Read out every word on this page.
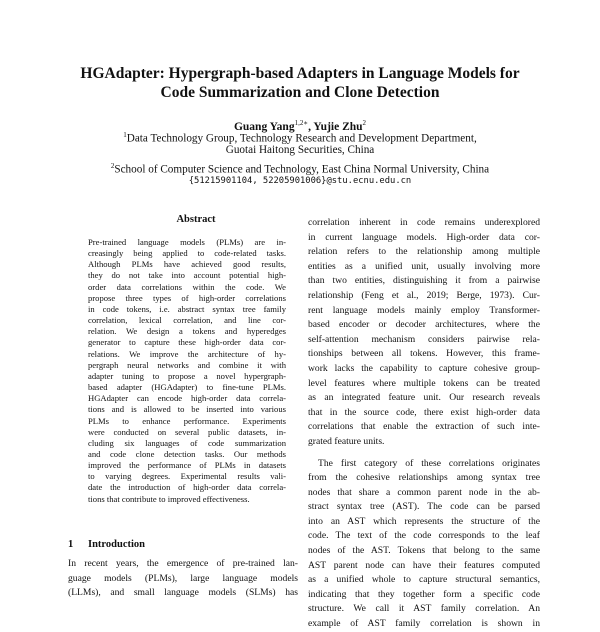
HGAdapter: Hypergraph-based Adapters in Language Models for
Code Summarization and Clone Detection
Guang Yang$^{1,2∗}$, Yujie Zhu$^2$
$^1$Data Technology Group, Technology Research and Development Department,
Guotai Haitong Securities, China
$^2$School of Computer Science and Technology, East China Normal University, China
{51215901104, 52205901006}@stu.ecnu.edu.cn
Abstract
Pre-trained language models (PLMs) are in-
creasingly being applied to code-related tasks.
Although PLMs have achieved good results,
they do not take into account potential high-
order data correlations within the code. We
propose three types of high-order correlations
in code tokens, i.e. abstract syntax tree family
correlation, lexical correlation, and line cor-
relation. We design a tokens and hyperedges
generator to capture these high-order data cor-
relations. We improve the architecture of hy-
pergraph neural networks and combine it with
adapter tuning to propose a novel hypergraph-
based adapter (HGAdapter) to fine-tune PLMs.
HGAdapter can encode high-order data correla-
tions and is allowed to be inserted into various
PLMs to enhance performance. Experiments
were conducted on several public datasets, in-
cluding six languages of code summarization
and code clone detection tasks. Our methods
improved the performance of PLMs in datasets
to varying degrees. Experimental results vali-
date the introduction of high-order data correla-
tions that contribute to improved effectiveness.
1 Introduction
In recent years, the emergence of pre-trained lan-
guage models (PLMs), large language models
(LLMs), and small language models (SLMs) has
correlation inherent in code remains underexplored
in current language models. High-order data cor-
relation refers to the relationship among multiple
entities as a unified unit, usually involving more
than two entities, distinguishing it from a pairwise
relationship (Feng et al., 2019; Berge, 1973). Cur-
rent language models mainly employ Transformer-
based encoder or decoder architectures, where the
self-attention mechanism considers pairwise rela-
tionships between all tokens. However, this frame-
work lacks the capability to capture cohesive group-
level features where multiple tokens can be treated
as an integrated feature unit. Our research reveals
that in the source code, there exist high-order data
correlations that enable the extraction of such inte-
grated feature units.
The first category of these correlations originates
from the cohesive relationships among syntax tree
nodes that share a common parent node in the ab-
stract syntax tree (AST). The code can be parsed
into an AST which represents the structure of the
code. The text of the code corresponds to the leaf
nodes of the AST. Tokens that belong to the same
AST parent node can have their features computed
as a unified whole to capture structural semantics,
indicating that they together form a specific code
structure. We call it AST family correlation. An
example of AST family correlation is shown in
